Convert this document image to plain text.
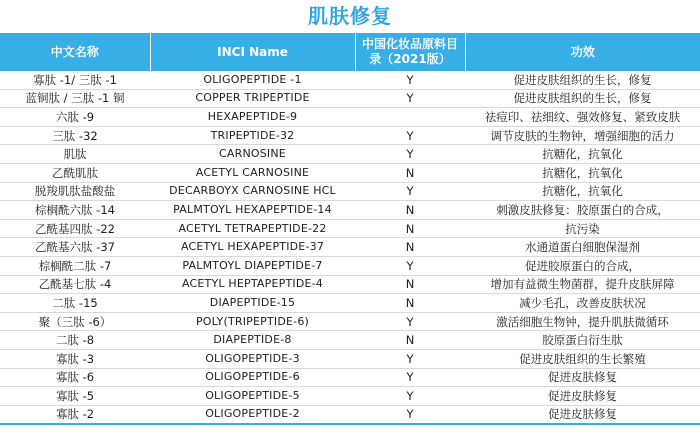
肌肤修复
中文名称	INCI Name	中国化妆品原料目录（2021版）	功效
寡肽 -1/ 三肽 -1	OLIGOPEPTIDE -1	Y	促进皮肤组织的生长，修复
蓝铜肽 / 三肽 -1 铜	COPPER TRIPEPTIDE	Y	促进皮肤组织的生长，修复
六肽 -9	HEXAPEPTIDE-9		祛痘印、祛细纹、强效修复、紧致皮肤
三肽 -32	TRIPEPTIDE-32	Y	调节皮肤的生物钟，增强细胞的活力
肌肽	CARNOSINE	Y	抗糖化，抗氧化
乙酰肌肽	ACETYL CARNOSINE	N	抗糖化，抗氧化
脱羧肌肽盐酸盐	DECARBOYX CARNOSINE HCL	Y	抗糖化，抗氧化
棕榈酰六肽 -14	PALMTOYL HEXAPEPTIDE-14	N	刺激皮肤修复：胶原蛋白的合成，
乙酰基四肽 -22	ACETYL TETRAPEPTIDE-22	N	抗污染
乙酰基六肽 -37	ACETYL HEXAPEPTIDE-37	N	水通道蛋白细胞保湿剂
棕榈酰二肽 -7	PALMTOYL DIAPEPTIDE-7	Y	促进胶原蛋白的合成，
乙酰基七肽 -4	ACETYL HEPTAPEPTIDE-4	N	增加有益微生物菌群，提升皮肤屏障
二肽 -15	DIAPEPTIDE-15	N	减少毛孔，改善皮肤状况
聚（三肽 -6）	POLY(TRIPEPTIDE-6)	Y	激活细胞生物钟，提升肌肤微循环
二肽 -8	DIAPEPTIDE-8	N	胶原蛋白衍生肽
寡肽 -3	OLIGOPEPTIDE-3	Y	促进皮肤组织的生长繁殖
寡肽 -6	OLIGOPEPTIDE-6	Y	促进皮肤修复
寡肽 -5	OLIGOPEPTIDE-5	Y	促进皮肤修复
寡肽 -2	OLIGOPEPTIDE-2	Y	促进皮肤修复
